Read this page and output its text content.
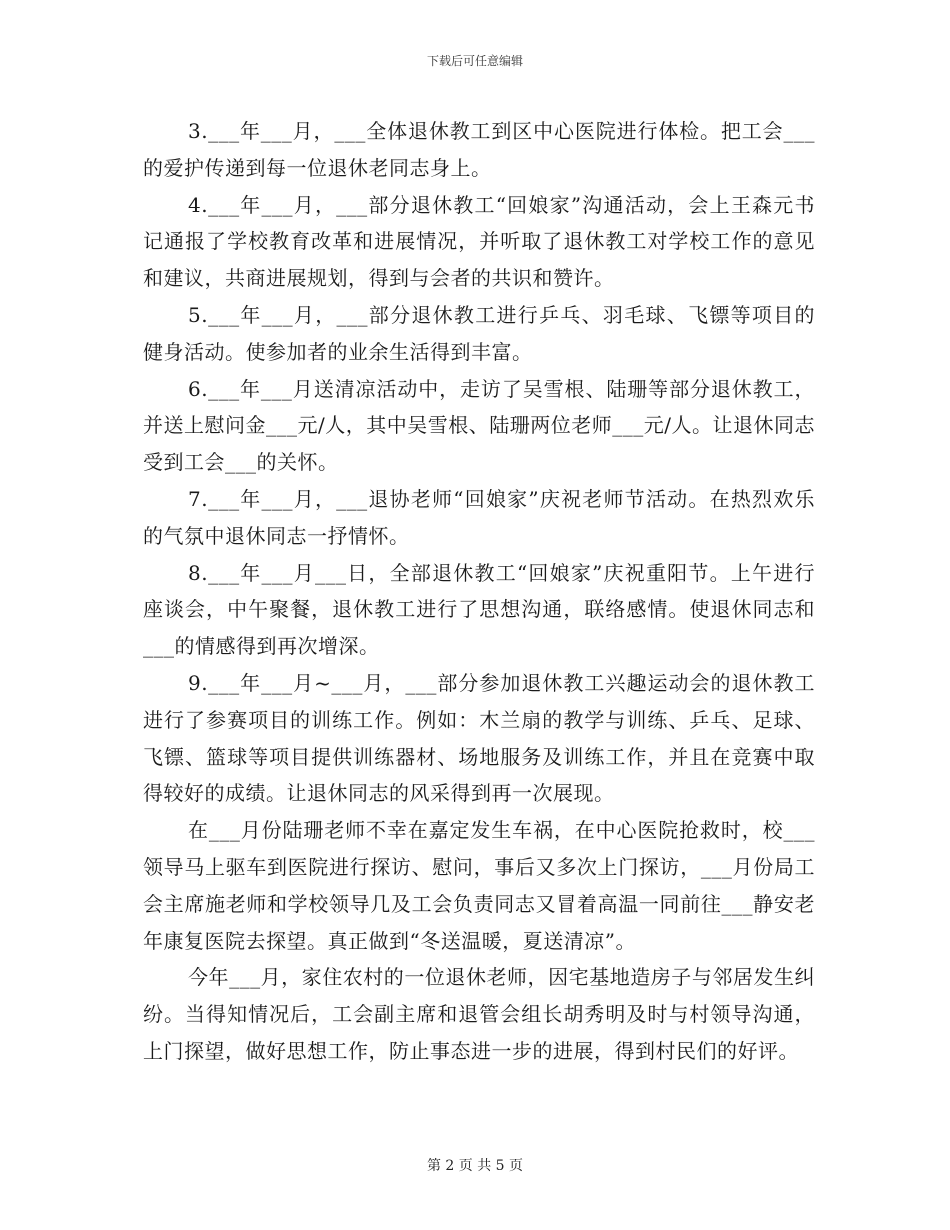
下载后可任意编辑

3.___年___月，___全体退休教工到区中心医院进行体检。把工会___的爱护传递到每一位退休老同志身上。

4.___年___月，___部分退休教工“回娘家”沟通活动，会上王森元书记通报了学校教育改革和进展情况，并听取了退休教工对学校工作的意见和建议，共商进展规划，得到与会者的共识和赞许。

5.___年___月，___部分退休教工进行乒乓、羽毛球、飞镖等项目的健身活动。使参加者的业余生活得到丰富。

6.___年___月送清凉活动中，走访了吴雪根、陆珊等部分退休教工，并送上慰问金___元/人，其中吴雪根、陆珊两位老师___元/人。让退休同志受到工会___的关怀。

7.___年___月，___退协老师“回娘家”庆祝老师节活动。在热烈欢乐的气氛中退休同志一抒情怀。

8.___年___月___日，全部退休教工“回娘家”庆祝重阳节。上午进行座谈会，中午聚餐，退休教工进行了思想沟通，联络感情。使退休同志和___的情感得到再次增深。

9.___年___月~___月，___部分参加退休教工兴趣运动会的退休教工进行了参赛项目的训练工作。例如：木兰扇的教学与训练、乒乓、足球、飞镖、篮球等项目提供训练器材、场地服务及训练工作，并且在竞赛中取得较好的成绩。让退休同志的风采得到再一次展现。

在___月份陆珊老师不幸在嘉定发生车祸，在中心医院抢救时，校___领导马上驱车到医院进行探访、慰问，事后又多次上门探访，___月份局工会主席施老师和学校领导几及工会负责同志又冒着高温一同前往___静安老年康复医院去探望。真正做到“冬送温暖，夏送清凉”。

今年___月，家住农村的一位退休老师，因宅基地造房子与邻居发生纠纷。当得知情况后，工会副主席和退管会组长胡秀明及时与村领导沟通，上门探望，做好思想工作，防止事态进一步的进展，得到村民们的好评。

第 2 页 共 5 页
